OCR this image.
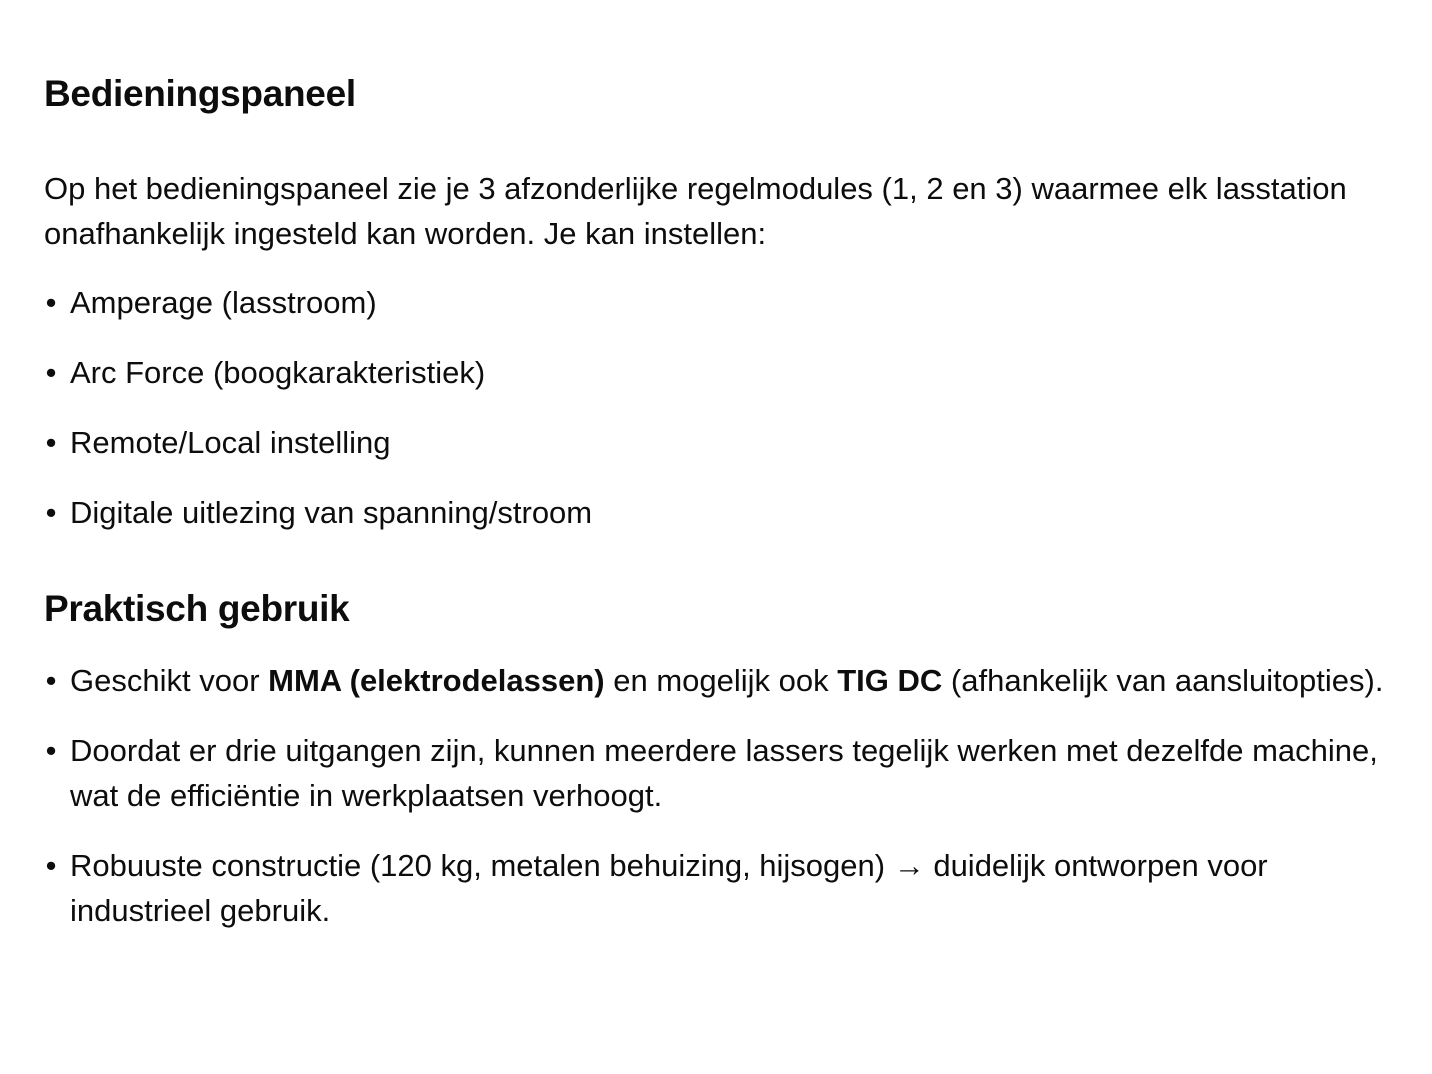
Bedieningspaneel

Op het bedieningspaneel zie je 3 afzonderlijke regelmodules (1, 2 en 3) waarmee elk lasstation onafhankelijk ingesteld kan worden. Je kan instellen:

• Amperage (lasstroom)
• Arc Force (boogkarakteristiek)
• Remote/Local instelling
• Digitale uitlezing van spanning/stroom
Praktisch gebruik
• Geschikt voor MMA (elektrodelassen) en mogelijk ook TIG DC (afhankelijk van aansluitopties).
• Doordat er drie uitgangen zijn, kunnen meerdere lassers tegelijk werken met dezelfde machine, wat de efficiëntie in werkplaatsen verhoogt.
• Robuuste constructie (120 kg, metalen behuizing, hijsogen) → duidelijk ontworpen voor industrieel gebruik.
